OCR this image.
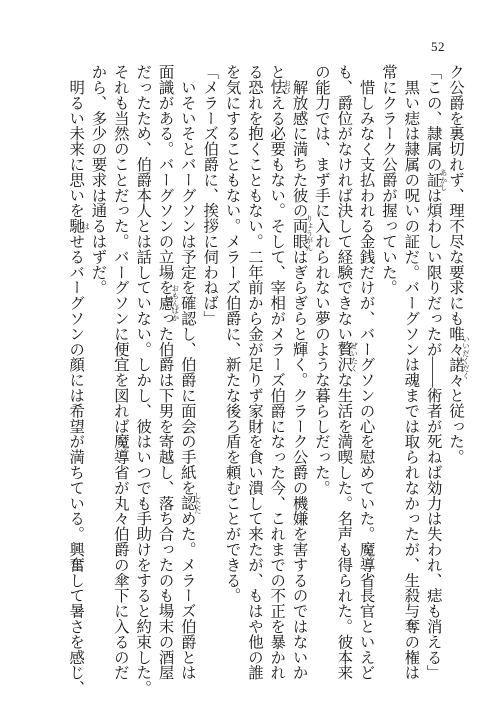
52
ク公爵を裏切れず、理不尽な要求にも唯々諾々
いいだくだく
と従った。
「この、隷属の証
あかし
は煩わしい限りだったが——術者が死ねば効力は失われ、痣も消える」
　黒い痣は隷属の呪いの証だ。バーグソンは魂までは取られなかったが、生殺与奪の権は
常にクラーク公爵が握っていた。
　惜しみなく支払われる金銭だけが、バーグソンの心を慰めていた。魔導省長官といえど
も、爵位がなければ決して経験できない贅沢
ぜいたく
な生活を満喫した。名声も得られた。彼本来
の能力では、まず手に入れられない夢のような暮らしだった。
　解放感に満ちた彼の両眼
りょうがん
はぎらぎらと輝く。クラーク公爵の機嫌を害するのではないか
と怯
おび
える必要もない。そして、宰相がメラーズ伯爵になった今、これまでの不正を暴かれ
る恐れを抱くこともない。二年前から金が足りず家財を食い潰して来たが、もはや他の誰
を気にすることもない。メラーズ伯爵に、新たな後ろ盾を頼むことができる。
「メラーズ伯爵に、挨拶に伺わねば」
　いそいそとバーグソンは予定を確認し、伯爵に面会の手紙を認
したた
めた。メラーズ伯爵とは
面識がある。バーグソンの立場を慮
おもんぱか
った伯爵は下男を寄越し、落ち合ったのも場末の酒屋
だったため、伯爵本人とは話していない。しかし、彼はいつでも手助けをすると約束した。
それも当然のことだった。バーグソンに便宜を図れば魔導省が丸々伯爵の傘下に入るのだ
から、多少の要求は通るはずだ。
　明るい未来に思いを馳
は
せるバーグソンの顔には希望が満ちている。興奮して暑さを感じ、
